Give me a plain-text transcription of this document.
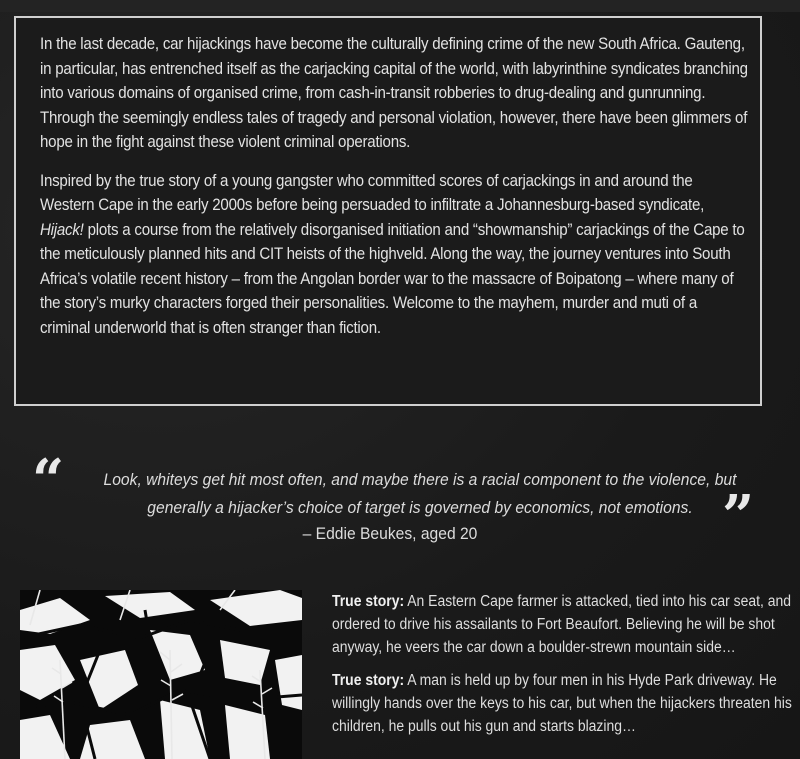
In the last decade, car hijackings have become the culturally defining crime of the new South Africa. Gauteng, in particular, has entrenched itself as the carjacking capital of the world, with labyrinthine syndicates branching into various domains of organised crime, from cash-in-transit robberies to drug-dealing and gunrunning. Through the seemingly endless tales of tragedy and personal violation, however, there have been glimmers of hope in the fight against these violent criminal operations.

Inspired by the true story of a young gangster who committed scores of carjackings in and around the Western Cape in the early 2000s before being persuaded to infiltrate a Johannesburg-based syndicate, Hijack! plots a course from the relatively disorganised initiation and “showmanship” carjackings of the Cape to the meticulously planned hits and CIT heists of the highveld. Along the way, the journey ventures into South Africa’s volatile recent history – from the Angolan border war to the massacre of Boipatong – where many of the story’s murky characters forged their personalities. Welcome to the mayhem, murder and muti of a criminal underworld that is often stranger than fiction.

“	Look, whiteys get hit most often, and maybe there is a racial component to the violence, but generally a hijacker’s choice of target is governed by economics, not emotions. ”
– Eddie Beukes, aged 20

True story: An Eastern Cape farmer is attacked, tied into his car seat, and ordered to drive his assailants to Fort Beaufort. Believing he will be shot anyway, he veers the car down a boulder-strewn mountain side…

True story: A man is held up by four men in his Hyde Park driveway. He willingly hands over the keys to his car, but when the hijackers threaten his children, he pulls out his gun and starts blazing…
